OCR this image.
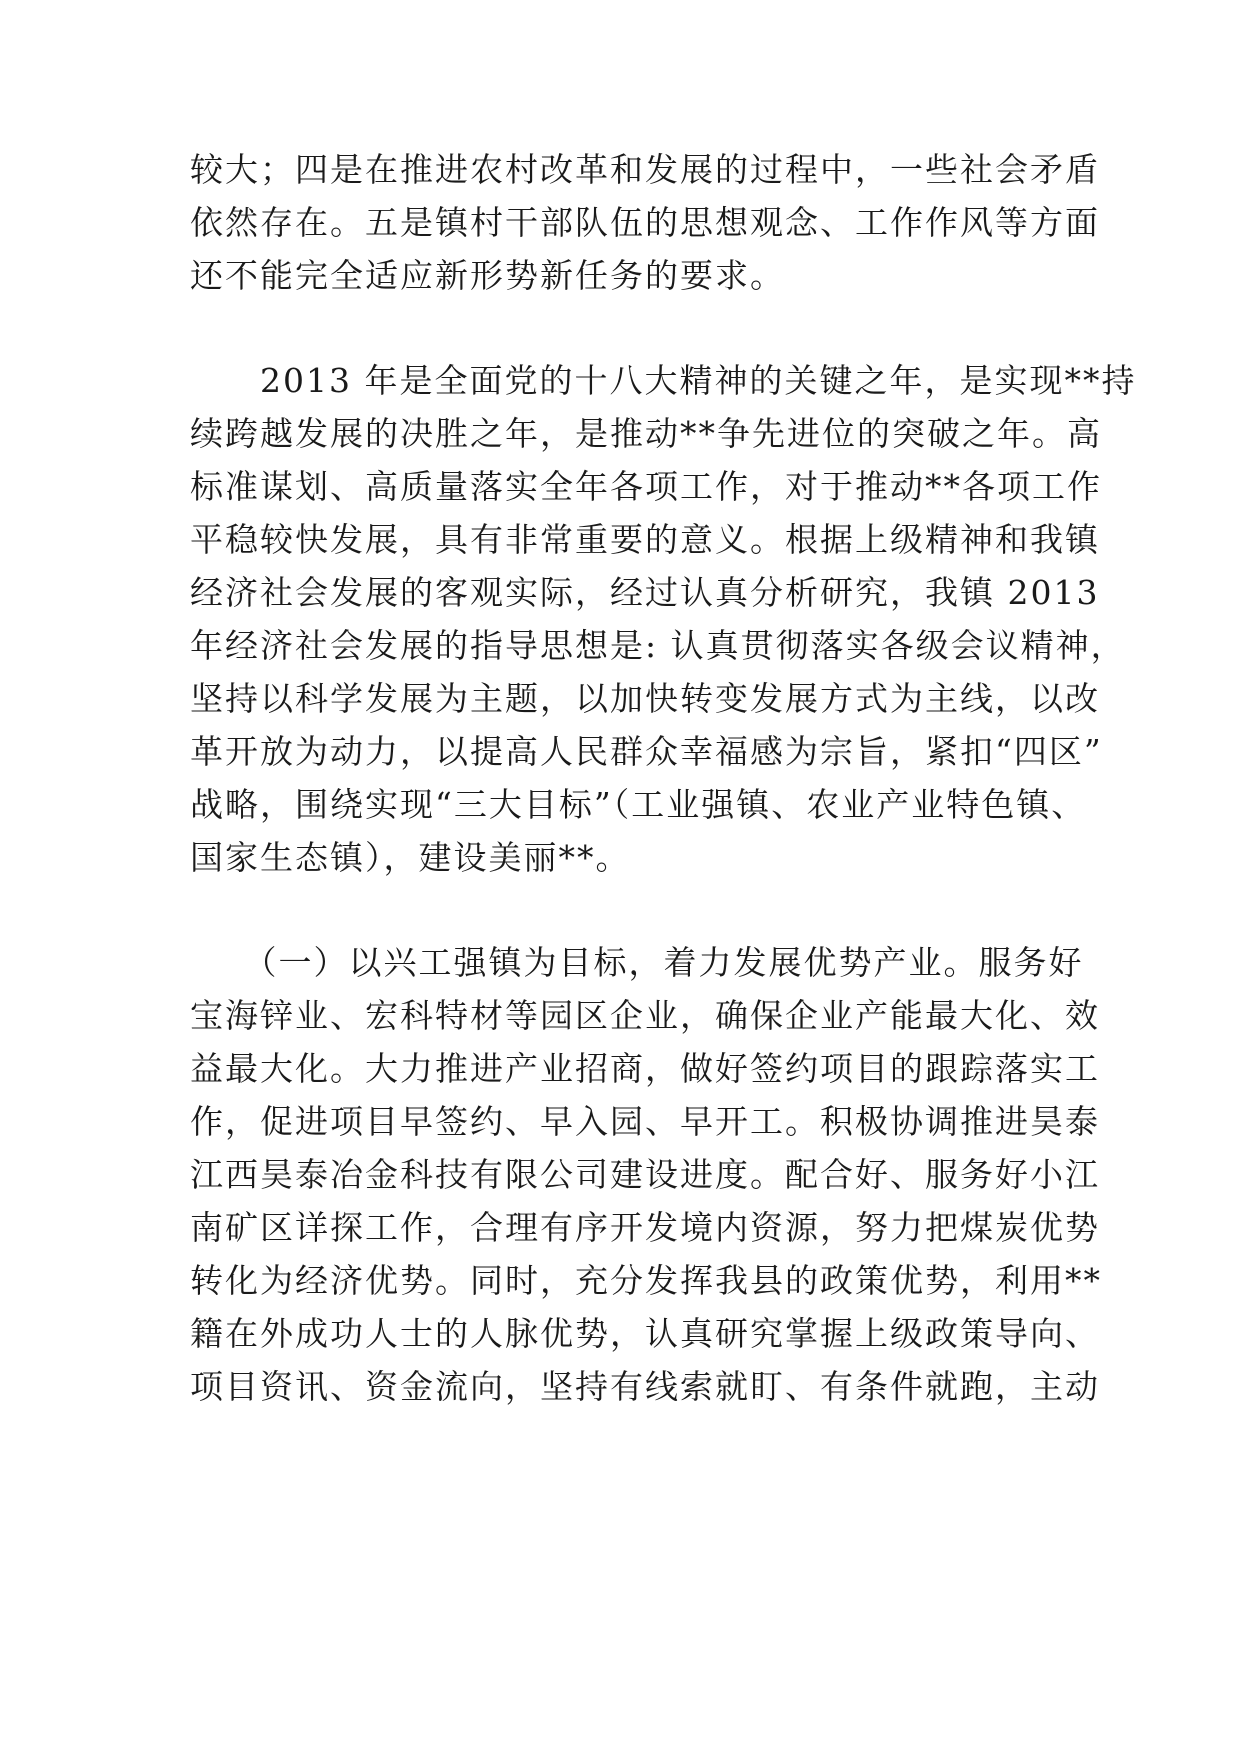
较大；四是在推进农村改革和发展的过程中，一些社会矛盾
依然存在。五是镇村干部队伍的思想观念、工作作风等方面
还不能完全适应新形势新任务的要求。
　　2013 年是全面党的十八大精神的关键之年，是实现**持
续跨越发展的决胜之年，是推动**争先进位的突破之年。高
标准谋划、高质量落实全年各项工作，对于推动**各项工作
平稳较快发展，具有非常重要的意义。根据上级精神和我镇
经济社会发展的客观实际，经过认真分析研究，我镇 2013
年经济社会发展的指导思想是: 认真贯彻落实各级会议精神，
坚持以科学发展为主题，以加快转变发展方式为主线，以改
革开放为动力，以提高人民群众幸福感为宗旨，紧扣“四区”
战略，围绕实现“三大目标”（工业强镇、农业产业特色镇、
国家生态镇），建设美丽**。
　　（一）以兴工强镇为目标，着力发展优势产业。服务好
宝海锌业、宏科特材等园区企业，确保企业产能最大化、效
益最大化。大力推进产业招商，做好签约项目的跟踪落实工
作，促进项目早签约、早入园、早开工。积极协调推进昊泰
江西昊泰冶金科技有限公司建设进度。配合好、服务好小江
南矿区详探工作，合理有序开发境内资源，努力把煤炭优势
转化为经济优势。同时，充分发挥我县的政策优势，利用**
籍在外成功人士的人脉优势，认真研究掌握上级政策导向、
项目资讯、资金流向，坚持有线索就盯、有条件就跑，主动
